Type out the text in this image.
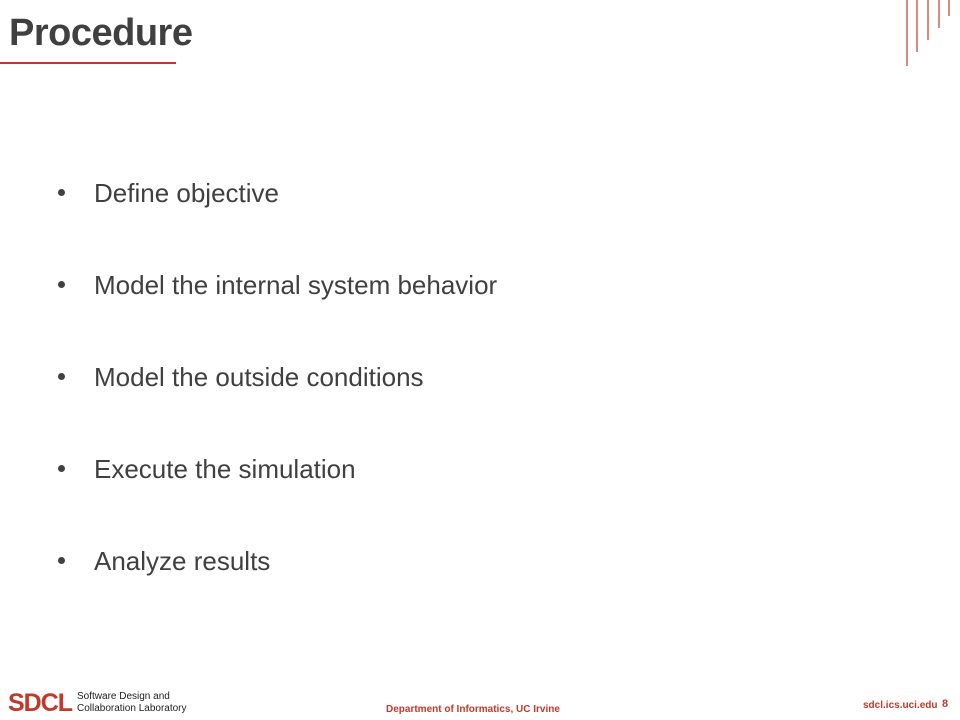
Procedure
Define objective
Model the internal system behavior
Model the outside conditions
Execute the simulation
Analyze results
SDCL Software Design and
Collaboration Laboratory	Department of Informatics, UC Irvine	sdcl.ics.uci.edu 8
